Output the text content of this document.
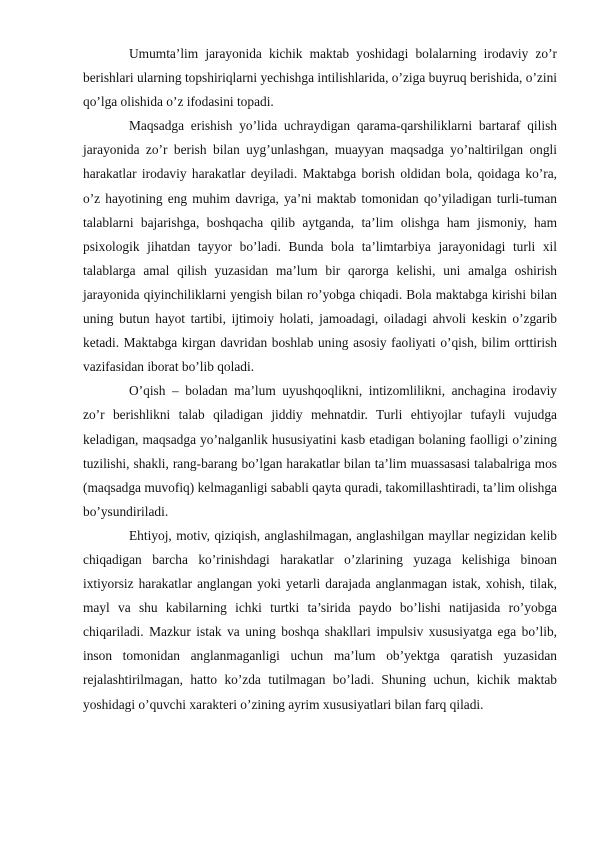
Umumta’lim jarayonida kichik maktab yoshidagi bolalarning irodaviy zo’r berishlari ularning topshiriqlarni yechishga intilishlarida, o’ziga buyruq berishida, o’zini qo’lga olishida o’z ifodasini topadi.

Maqsadga erishish yo’lida uchraydigan qarama-qarshiliklarni bartaraf qilish jarayonida zo’r berish bilan uyg’unlashgan, muayyan maqsadga yo’naltirilgan ongli harakatlar irodaviy harakatlar deyiladi. Maktabga borish oldidan bola, qoidaga ko’ra, o’z hayotining eng muhim davriga, ya’ni maktab tomonidan qo’yiladigan turli-tuman talablarni bajarishga, boshqacha qilib aytganda, ta’lim olishga ham jismoniy, ham psixologik jihatdan tayyor bo’ladi. Bunda bola ta’limtarbiya jarayonidagi turli xil talablarga amal qilish yuzasidan ma’lum bir qarorga kelishi, uni amalga oshirish jarayonida qiyinchiliklarni yengish bilan ro’yobga chiqadi. Bola maktabga kirishi bilan uning butun hayot tartibi, ijtimoiy holati, jamoadagi, oiladagi ahvoli keskin o’zgarib ketadi. Maktabga kirgan davridan boshlab uning asosiy faoliyati o’qish, bilim orttirish vazifasidan iborat bo’lib qoladi.

O’qish – boladan ma’lum uyushqoqlikni, intizomlilikni, anchagina irodaviy zo’r berishlikni talab qiladigan jiddiy mehnatdir. Turli ehtiyojlar tufayli vujudga keladigan, maqsadga yo’nalganlik hususiyatini kasb etadigan bolaning faolligi o’zining tuzilishi, shakli, rang-barang bo’lgan harakatlar bilan ta’lim muassasasi talabalriga mos (maqsadga muvofiq) kelmaganligi sababli qayta quradi, takomillashtiradi, ta’lim olishga bo’ysundiriladi.

Ehtiyoj, motiv, qiziqish, anglashilmagan, anglashilgan mayllar negizidan kelib chiqadigan barcha ko’rinishdagi harakatlar o’zlarining yuzaga kelishiga binoan ixtiyorsiz harakatlar anglangan yoki yetarli darajada anglanmagan istak, xohish, tilak, mayl va shu kabilarning ichki turtki ta’sirida paydo bo’lishi natijasida ro’yobga chiqariladi. Mazkur istak va uning boshqa shakllari impulsiv xususiyatga ega bo’lib, inson tomonidan anglanmaganligi uchun ma’lum ob’yektga qaratish yuzasidan rejalashtirilmagan, hatto ko’zda tutilmagan bo’ladi. Shuning uchun, kichik maktab yoshidagi o’quvchi xarakteri o’zining ayrim xususiyatlari bilan farq qiladi.
